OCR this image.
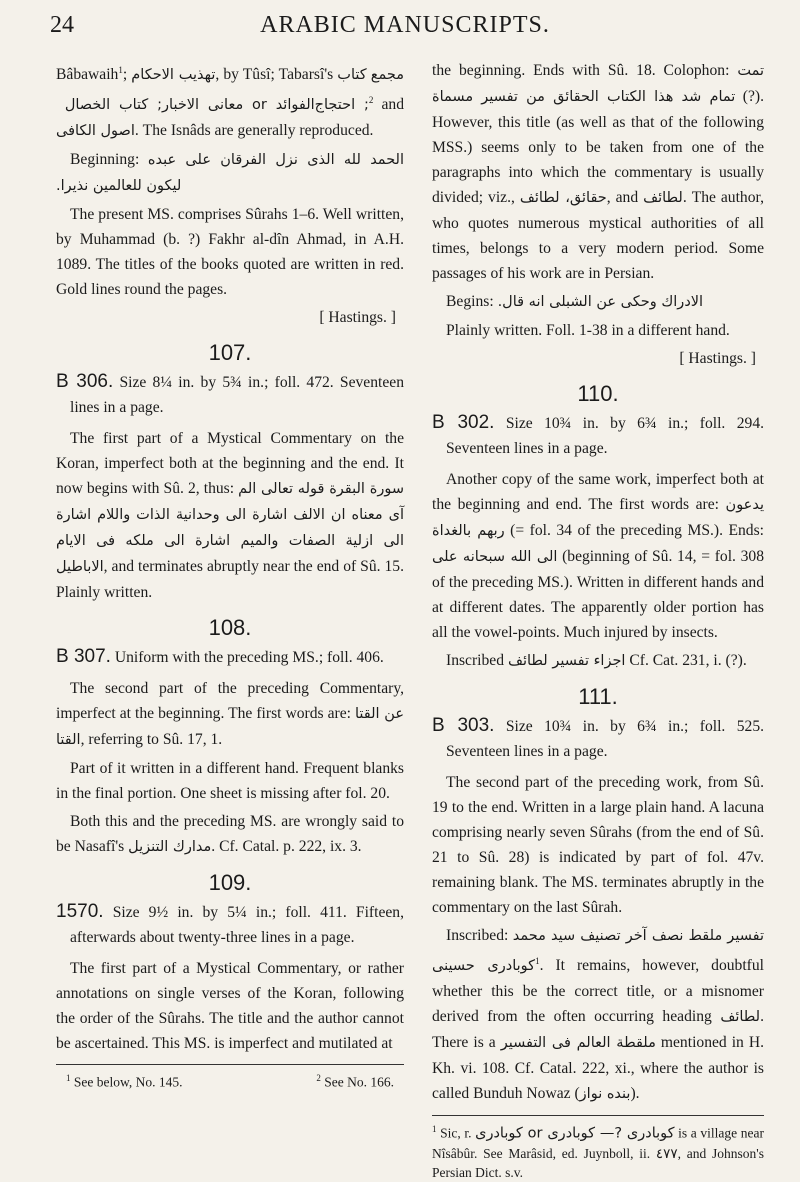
24	ARABIC MANUSCRIPTS.

Bâbawaih$^1$; تهذيب الاحكام, by Tûsî; Tabarsî's كتاب مجمع الفوائد or معانى الاخبار; كتاب الخصال ; احتجاج$^2$ and اصول الكافى. The Isnâds are generally reproduced.

Beginning: الحمد لله الذى نزل الفرقان على عبده ليكون للعالمين نذيرا.

The present MS. comprises Sûrahs 1–6. Well written, by Muhammad (b. ?) Fakhr al-dîn Ahmad, in A.H. 1089. The titles of the books quoted are written in red. Gold lines round the pages.

[ Hastings. ]
107.

B 306. Size 8¼ in. by 5¾ in.; foll. 472. Seventeen lines in a page.

The first part of a Mystical Commentary on the Koran, imperfect both at the beginning and the end. It now begins with Sû. 2, thus: سورة البقرة قوله تعالى الم آى معناه ان الالف اشارة الى وحدانية الذات واللام اشارة الى ازلية الصفات والميم اشارة الى ملكه فى الايام الاباطيل, and terminates abruptly near the end of Sû. 15. Plainly written.

108.

B 307. Uniform with the preceding MS.; foll. 406.

The second part of the preceding Commentary, imperfect at the beginning. The first words are: عن القتا القتا, referring to Sû. 17, 1.

Part of it written in a different hand. Frequent blanks in the final portion. One sheet is missing after fol. 20.

Both this and the preceding MS. are wrongly said to be Nasafî's مدارك التنزيل. Cf. Catal. p. 222, ix. 3.

109.

1570. Size 9½ in. by 5¼ in.; foll. 411. Fifteen, afterwards about twenty-three lines in a page.

The first part of a Mystical Commentary, or rather annotations on single verses of the Koran, following the order of the Sûrahs. The title and the author cannot be ascertained. This MS. is imperfect and mutilated at

$^1$ See below, No. 145.	$^2$ See No. 166.

the beginning. Ends with Sû. 18. Colophon: تمت تمام شد هذا الكتاب الحقائق من تفسير مسماة (?). However, this title (as well as that of the following MSS.) seems only to be taken from one of the paragraphs into which the commentary is usually divided; viz., حقائق، لطائف, and لطائف. The author, who quotes numerous mystical authorities of all times, belongs to a very modern period. Some passages of his work are in Persian.

Begins: الادراك وحكى عن الشبلى انه قال.

Plainly written. Foll. 1-38 in a different hand.

[ Hastings. ]
110.

B 302. Size 10¾ in. by 6¾ in.; foll. 294. Seventeen lines in a page.

Another copy of the same work, imperfect both at the beginning and end. The first words are: يدعون ربهم بالغداة (= fol. 34 of the preceding MS.). Ends: الى الله سبحانه على (beginning of Sû. 14, = fol. 308 of the preceding MS.). Written in different hands and at different dates. The apparently older portion has all the vowel-points. Much injured by insects.

Inscribed اجزاء تفسير لطائف Cf. Cat. 231, i. (?).

111.

B 303. Size 10¾ in. by 6¾ in.; foll. 525. Seventeen lines in a page.

The second part of the preceding work, from Sû. 19 to the end. Written in a large plain hand. A lacuna comprising nearly seven Sûrahs (from the end of Sû. 21 to Sû. 28) is indicated by part of fol. 47v. remaining blank. The MS. terminates abruptly in the commentary on the last Sûrah.

Inscribed: تفسير ملقط نصف آخر تصنيف سيد محمد كوبادرى حسينى$^1$. It remains, however, doubtful whether this be the correct title, or a misnomer derived from the often occurring heading لطائف. There is a ملقطة العالم فى التفسير mentioned in H. Kh. vi. 108. Cf. Catal. 222, xi., where the author is called Bunduh Nowaz (بنده نواز).

$^1$ Sic, r. كوبادرى ?— كوبادرى or كوبادرى is a village near Nîsâbûr. See Marâsid, ed. Juynboll, ii. ٤٧٧, and Johnson's Persian Dict. s.v.
